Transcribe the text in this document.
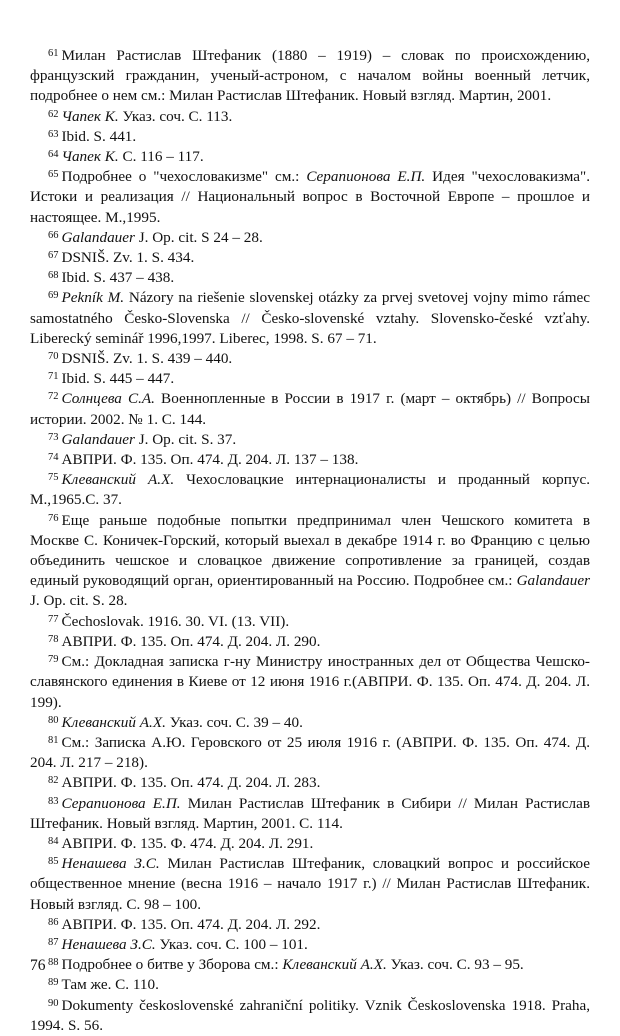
$^{61}$ Милан Растислав Штефаник (1880 – 1919) – словак по происхождению, французский гражданин, ученый-астроном, с началом войны военный летчик, подробнее о нем см.: Милан Растислав Штефаник. Новый взгляд. Мартин, 2001.

$^{62}$ Чапек К. Указ. соч. С. 113.

$^{63}$ Ibid. S. 441.

$^{64}$ Чапек К. С. 116 – 117.

$^{65}$ Подробнее о "чехословакизме" см.: Серапионова Е.П. Идея "чехословакизма". Истоки и реализация // Национальный вопрос в Восточной Европе – прошлое и настоящее. М.,1995.

$^{66}$ Galandauer J. Op. cit. S 24 – 28.

$^{67}$ DSNIŠ. Zv. 1. S. 434.

$^{68}$ Ibid. S. 437 – 438.

$^{69}$ Pekník M. Názory na riešenie slovenskej otázky za prvej svetovej vojny mimo rámec samostatného Česko-Slovenska // Česko-slovenské vztahy. Slovensko-české vzťahy. Liberecký seminář 1996,1997. Liberec, 1998. S. 67 – 71.

$^{70}$ DSNIŠ. Zv. 1. S. 439 – 440.

$^{71}$ Ibid. S. 445 – 447.

$^{72}$ Солнцева С.А. Военнопленные в России в 1917 г. (март – октябрь) // Вопросы истории. 2002. № 1. С. 144.

$^{73}$ Galandauer J. Op. cit. S. 37.

$^{74}$ АВПРИ. Ф. 135. Оп. 474. Д. 204. Л. 137 – 138.

$^{75}$ Клеванский А.Х. Чехословацкие интернационалисты и проданный корпус. М.,1965.С. 37.

$^{76}$ Еще раньше подобные попытки предпринимал член Чешского комитета в Москве С. Коничек-Горский, который выехал в декабре 1914 г. во Францию с целью объединить чешское и словацкое движение сопротивление за границей, создав единый руководящий орган, ориентированный на Россию. Подробнее см.: Galandauer J. Op. cit. S. 28.

$^{77}$ Čechoslovak. 1916. 30. VI. (13. VII).

$^{78}$ АВПРИ. Ф. 135. Оп. 474. Д. 204. Л. 290.

$^{79}$ См.: Докладная записка г-ну Министру иностранных дел от Общества Чешско-славянского единения в Киеве от 12 июня 1916 г.(АВПРИ. Ф. 135. Оп. 474. Д. 204. Л. 199).

$^{80}$ Клеванский А.Х. Указ. соч. С. 39 – 40.

$^{81}$ См.: Записка А.Ю. Геровского от 25 июля 1916 г. (АВПРИ. Ф. 135. Оп. 474. Д. 204. Л. 217 – 218).

$^{82}$ АВПРИ. Ф. 135. Оп. 474. Д. 204. Л. 283.

$^{83}$ Серапионова Е.П. Милан Растислав Штефаник в Сибири // Милан Растислав Штефаник. Новый взгляд. Мартин, 2001. С. 114.

$^{84}$ АВПРИ. Ф. 135. Ф. 474. Д. 204. Л. 291.

$^{85}$ Ненашева З.С. Милан Растислав Штефаник, словацкий вопрос и российское общественное мнение (весна 1916 – начало 1917 г.) // Милан Растислав Штефаник. Новый взгляд. С. 98 – 100.

$^{86}$ АВПРИ. Ф. 135. Оп. 474. Д. 204. Л. 292.

$^{87}$ Ненашева З.С. Указ. соч. С. 100 – 101.

$^{88}$ Подробнее о битве у Зборова см.: Клеванский А.Х. Указ. соч. С. 93 – 95.

$^{89}$ Там же. С. 110.

$^{90}$ Dokumenty československé zahraniční politiky. Vznik Československa 1918. Praha, 1994. S. 56.

76
